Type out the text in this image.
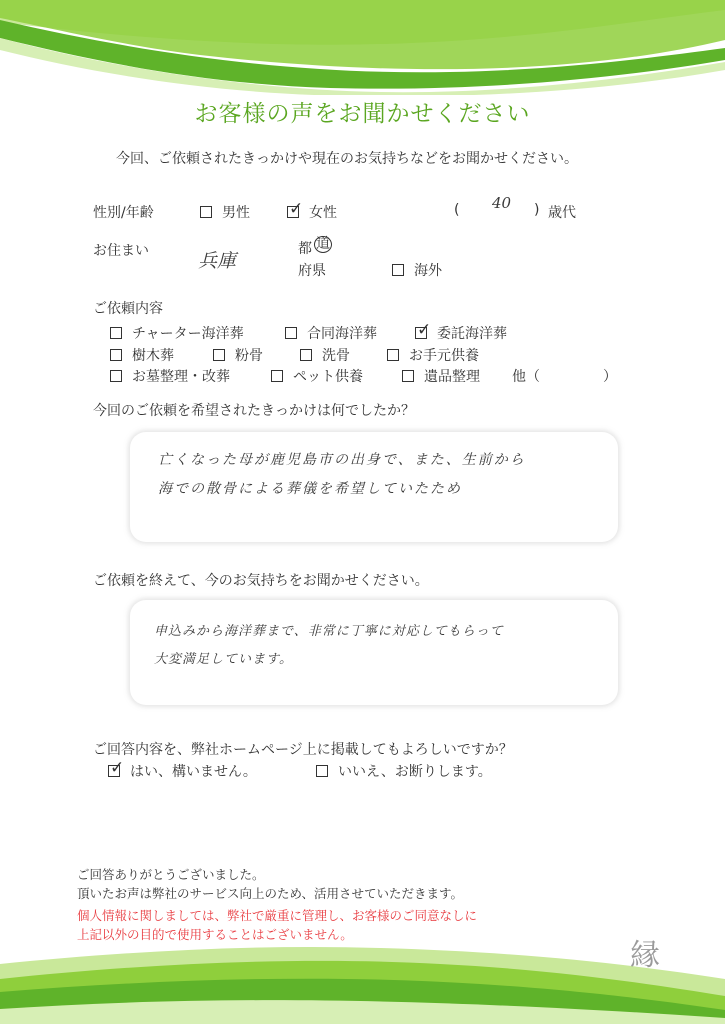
お客様の声をお聞かせください
今回、ご依頼されたきっかけや現在のお気持ちなどをお聞かせください。
性別/年齢	男性 ✓ 女性	( 40 ) 歳代
お住まい	兵庫
都 道
府県	海外
ご依頼内容
チャーター海洋葬	合同海洋葬 ✓ 委託海洋葬
樹木葬	粉骨	洗骨	お手元供養
お墓整理・改葬	ペット供養	遺品整理 他（	）
今回のご依頼を希望されたきっかけは何でしたか？
亡くなった母が鹿児島市の出身で、また、生前から
海での散骨による葬儀を希望していたため
ご依頼を終えて、今のお気持ちをお聞かせください。
申込みから海洋葬まで、非常に丁寧に対応してもらって
大変満足しています。
ご回答内容を、弊社ホームページ上に掲載してもよろしいですか？
✓ はい、構いません。	いいえ、お断りします。
ご回答ありがとうございました。
頂いたお声は弊社のサービス向上のため、活用させていただきます。
個人情報に関しましては、弊社で厳重に管理し、お客様のご同意なしに
上記以外の目的で使用することはございません。
縁
